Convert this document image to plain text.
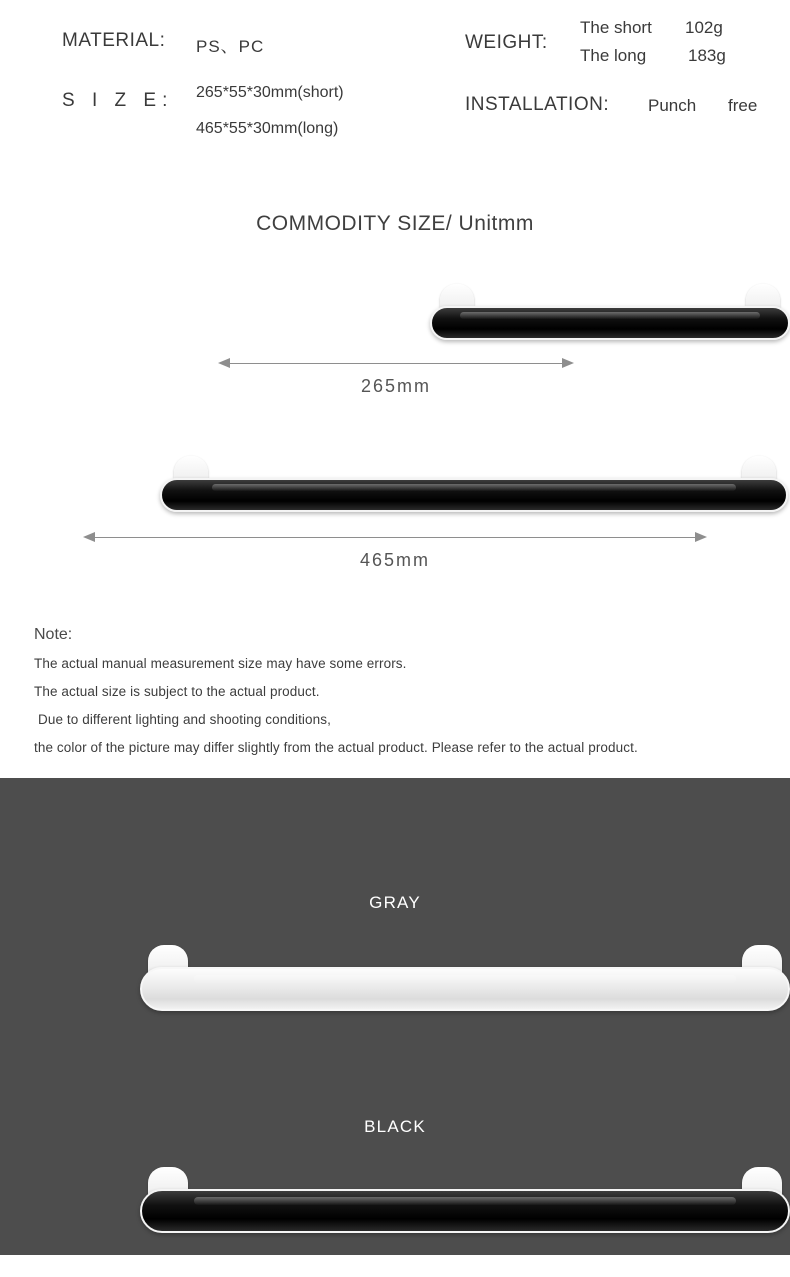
MATERIAL: PS、PC
S I Z E: 265*55*30mm(short)
465*55*30mm(long)
WEIGHT:
The short 102g
The long 183g
INSTALLATION: Punch free
COMMODITY SIZE/ Unitmm
265mm
465mm
Note:
The actual manual measurement size may have some errors.
The actual size is subject to the actual product.
Due to different lighting and shooting conditions,
the color of the picture may differ slightly from the actual product. Please refer to the actual product.
GRAY
BLACK
